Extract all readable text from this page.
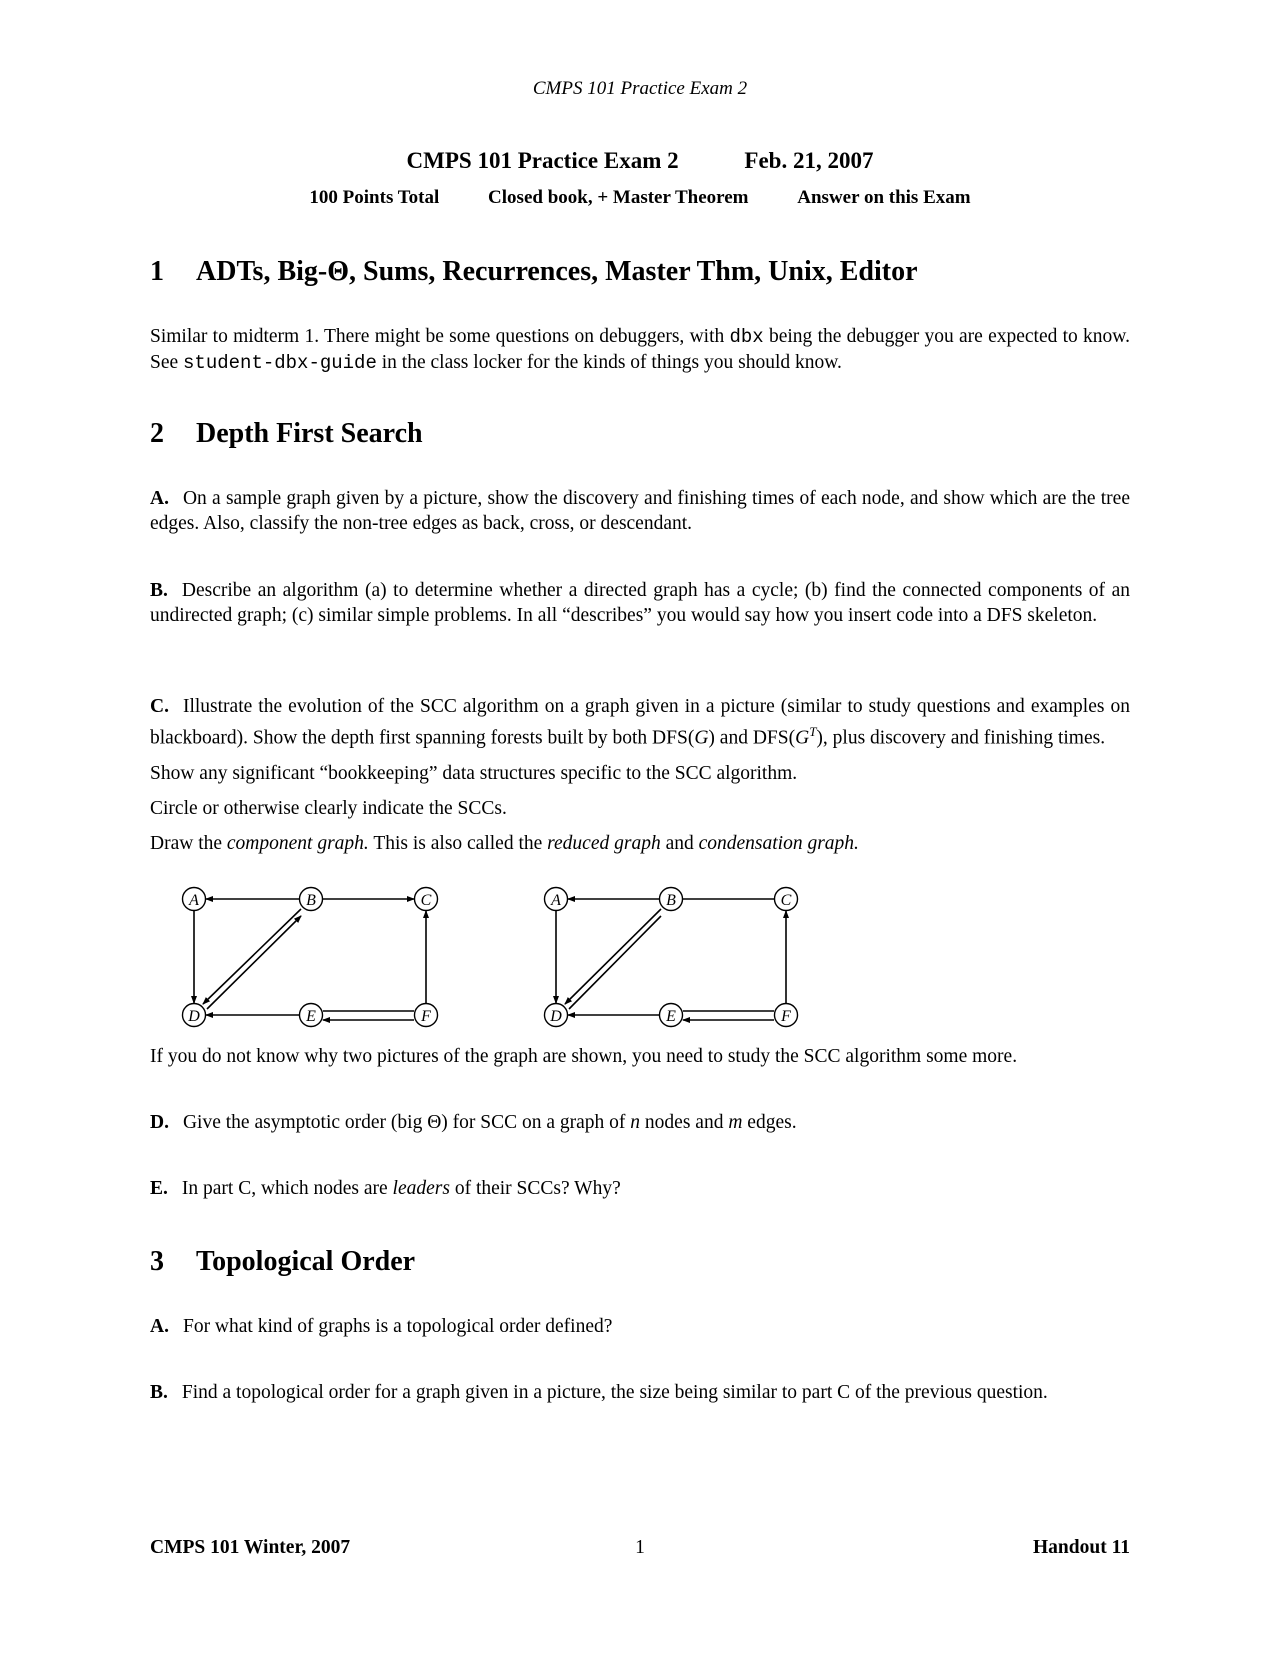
CMPS 101 Practice Exam 2
CMPS 101 Practice Exam 2	Feb. 21, 2007
100 Points Total	Closed book, + Master Theorem	Answer on this Exam
1 ADTs, Big-Θ, Sums, Recurrences, Master Thm, Unix, Editor

Similar to midterm 1. There might be some questions on debuggers, with dbx being the debugger you are expected to know. See student-dbx-guide in the class locker for the kinds of things you should know.

2 Depth First Search

A. On a sample graph given by a picture, show the discovery and finishing times of each node, and show which are the tree edges. Also, classify the non-tree edges as back, cross, or descendant.

B. Describe an algorithm (a) to determine whether a directed graph has a cycle; (b) find the connected components of an undirected graph; (c) similar simple problems. In all “describes” you would say how you insert code into a DFS skeleton.

C. Illustrate the evolution of the SCC algorithm on a graph given in a picture (similar to study questions and examples on blackboard). Show the depth first spanning forests built by both DFS(G) and $DFS(G^T)$, plus discovery and finishing times.

Show any significant “bookkeeping” data structures specific to the SCC algorithm.

Circle or otherwise clearly indicate the SCCs.

Draw the component graph. This is also called the reduced graph and condensation graph.

A	B	C
D	E	F
A	B	C
D	E	F

If you do not know why two pictures of the graph are shown, you need to study the SCC algorithm some more.

D. Give the asymptotic order (big Θ) for SCC on a graph of n nodes and m edges.

E. In part C, which nodes are leaders of their SCCs? Why?

3 Topological Order

A. For what kind of graphs is a topological order defined?

B. Find a topological order for a graph given in a picture, the size being similar to part C of the previous question.

CMPS 101 Winter, 2007	1	Handout 11
